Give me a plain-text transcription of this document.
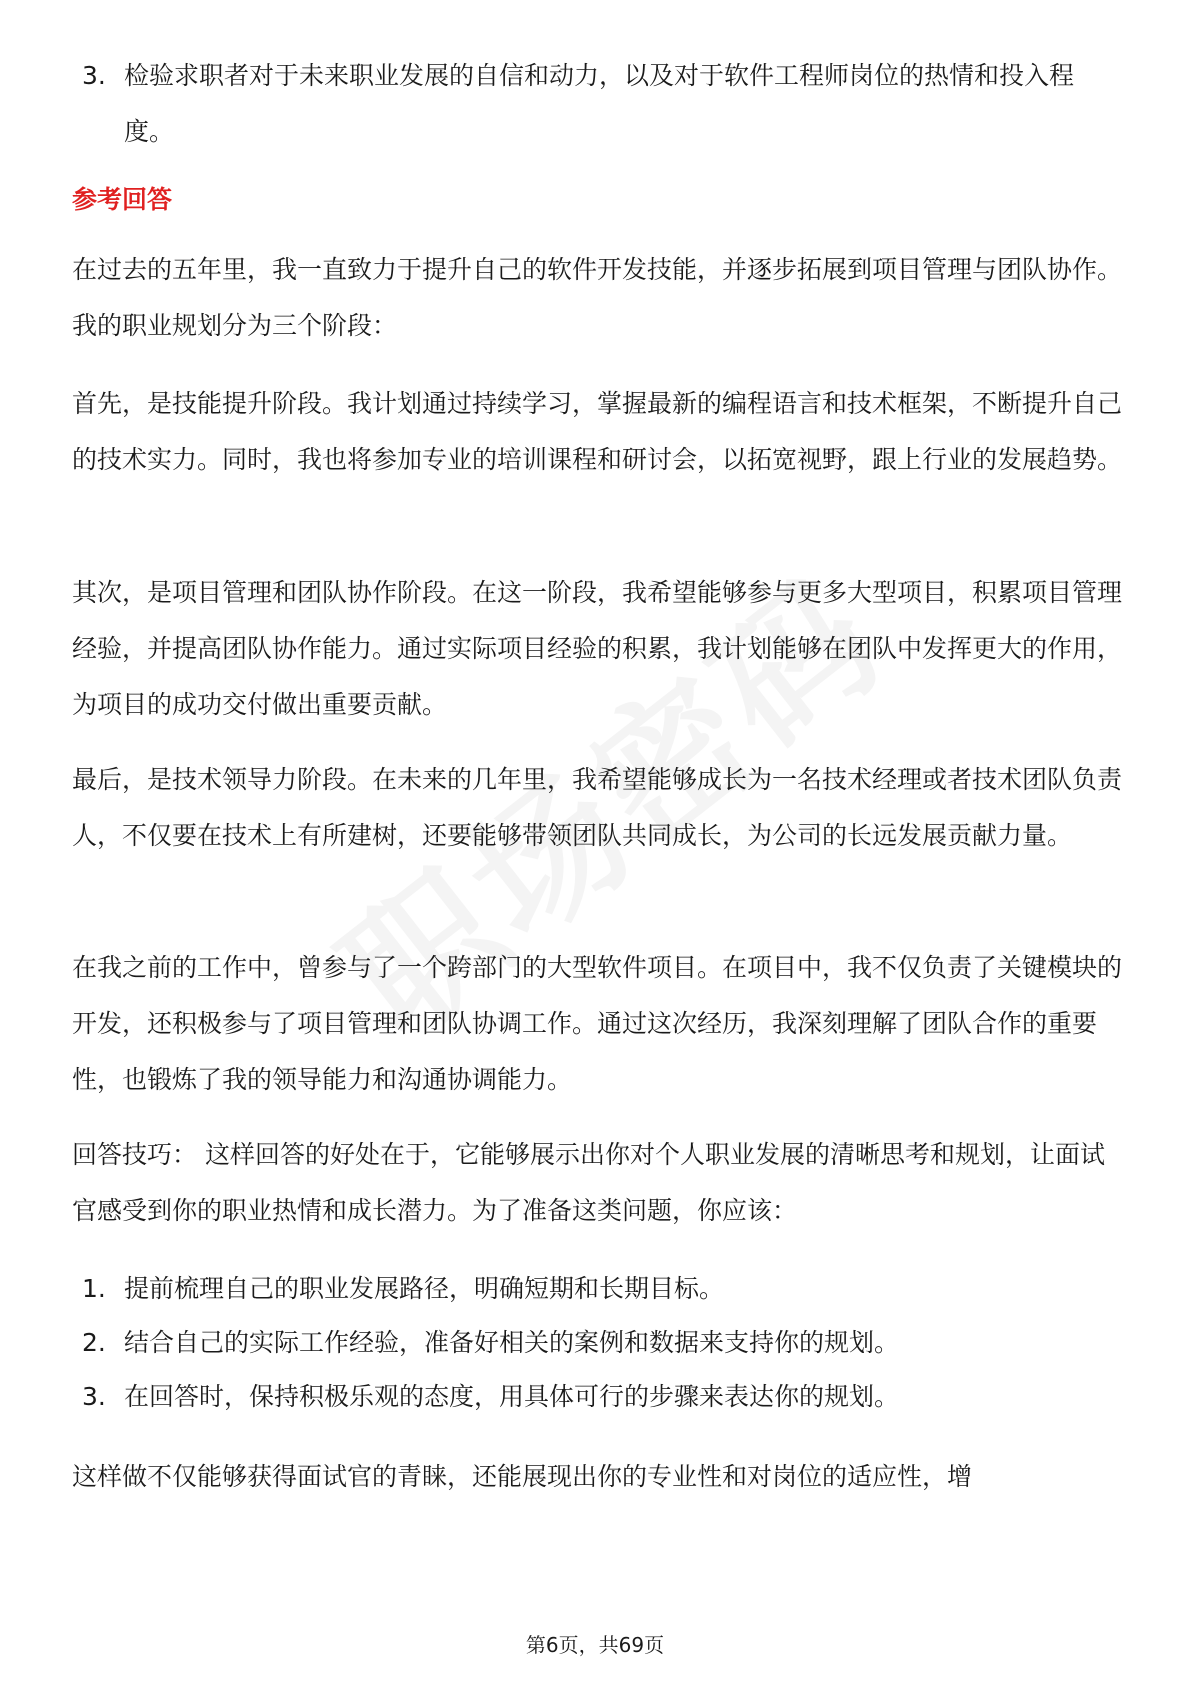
3. 检验求职者对于未来职业发展的自信和动力，以及对于软件工程师岗位的热情和投入程度。
参考回答
在过去的五年里，我一直致力于提升自己的软件开发技能，并逐步拓展到项目管理与团队协作。我的职业规划分为三个阶段：
首先，是技能提升阶段。我计划通过持续学习，掌握最新的编程语言和技术框架，不断提升自己的技术实力。同时，我也将参加专业的培训课程和研讨会，以拓宽视野，跟上行业的发展趋势。
其次，是项目管理和团队协作阶段。在这一阶段，我希望能够参与更多大型项目，积累项目管理经验，并提高团队协作能力。通过实际项目经验的积累，我计划能够在团队中发挥更大的作用，为项目的成功交付做出重要贡献。
最后，是技术领导力阶段。在未来的几年里，我希望能够成长为一名技术经理或者技术团队负责人，不仅要在技术上有所建树，还要能够带领团队共同成长，为公司的长远发展贡献力量。
在我之前的工作中，曾参与了一个跨部门的大型软件项目。在项目中，我不仅负责了关键模块的开发，还积极参与了项目管理和团队协调工作。通过这次经历，我深刻理解了团队合作的重要性，也锻炼了我的领导能力和沟通协调能力。
回答技巧： 这样回答的好处在于，它能够展示出你对个人职业发展的清晰思考和规划，让面试官感受到你的职业热情和成长潜力。为了准备这类问题，你应该：
1. 提前梳理自己的职业发展路径，明确短期和长期目标。
2. 结合自己的实际工作经验，准备好相关的案例和数据来支持你的规划。
3. 在回答时，保持积极乐观的态度，用具体可行的步骤来表达你的规划。
这样做不仅能够获得面试官的青睐，还能展现出你的专业性和对岗位的适应性，增
第6页，共69页
